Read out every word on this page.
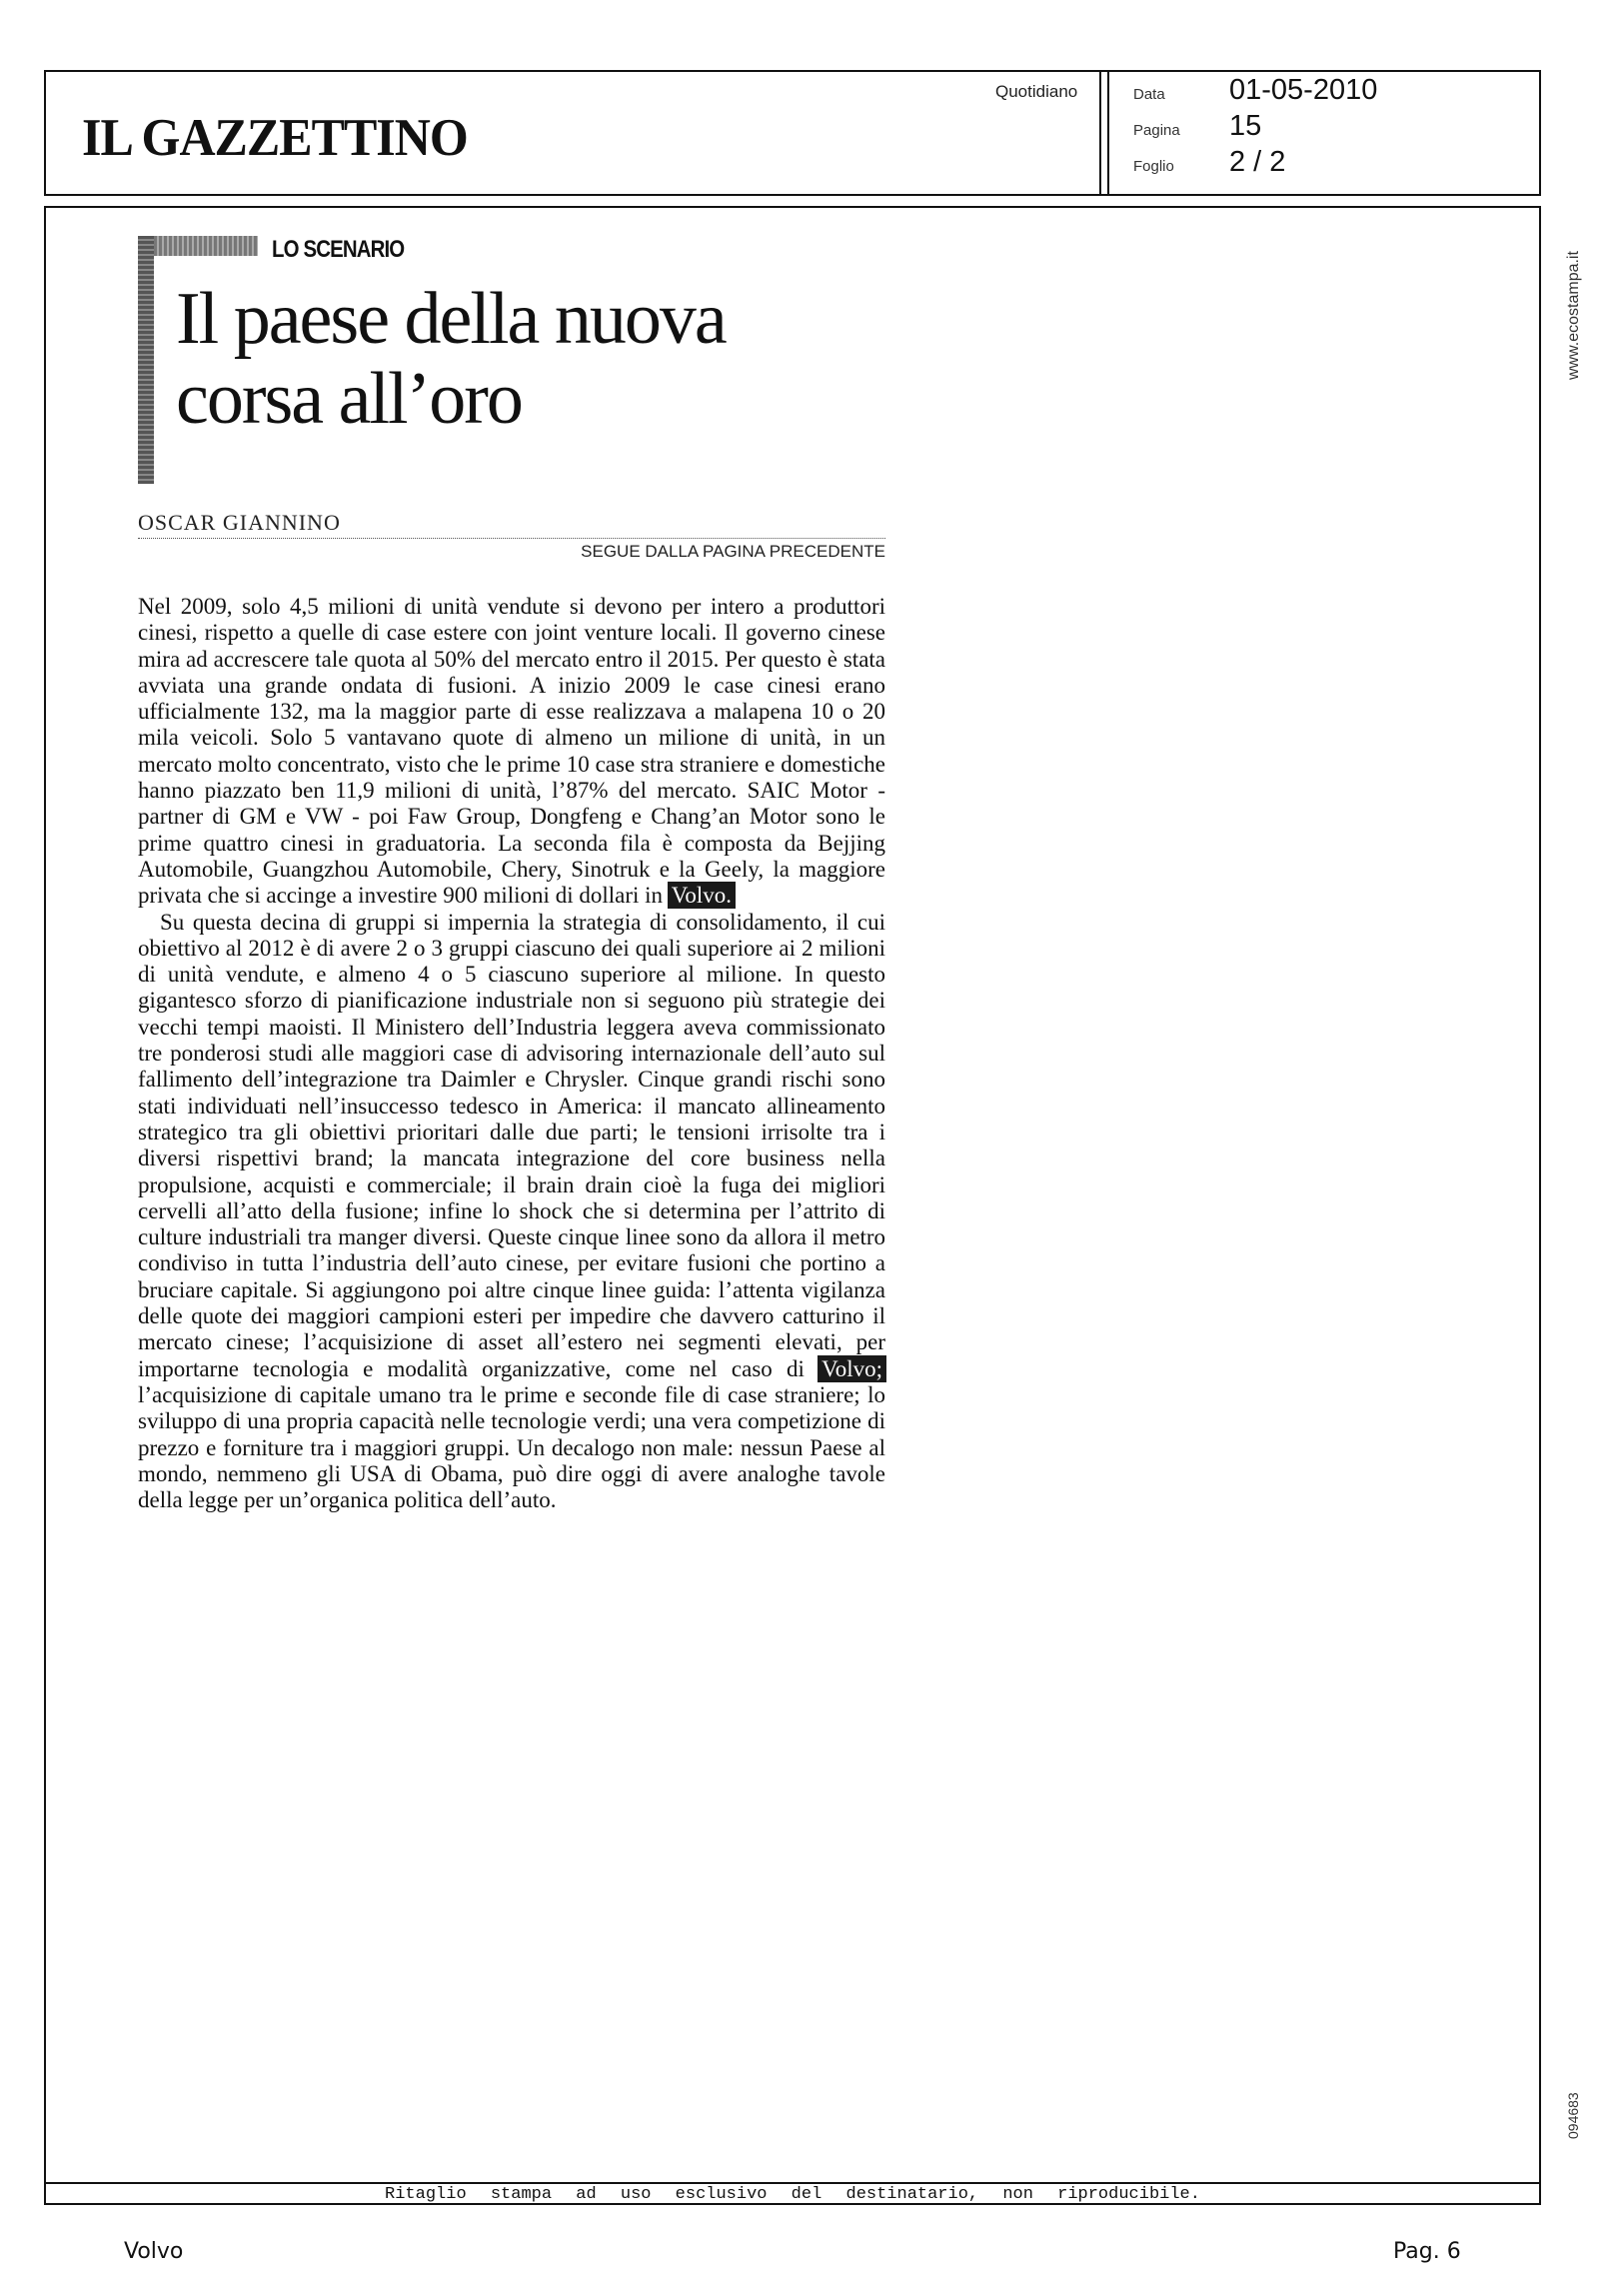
IL GAZZETTINO
Quotidiano	Data 01-05-2010
Pagina 15
Foglio 2 / 2
www.ecostampa.it
094683
Ritaglio stampa ad uso esclusivo del destinatario, non riproducibile.
LO SCENARIO
Il paese della nuova corsa all’oro
OSCAR GIANNINO
SEGUE DALLA PAGINA PRECEDENTE

Nel 2009, solo 4,5 milioni di unità vendute si devono per intero a produttori cinesi, rispetto a quelle di case estere con joint venture locali. Il governo cinese mira ad accrescere tale quota al 50% del mercato entro il 2015. Per questo è stata avviata una grande ondata di fusioni. A inizio 2009 le case cinesi erano ufficialmente 132, ma la maggior parte di esse realizzava a malapena 10 o 20 mila veicoli. Solo 5 vantavano quote di almeno un milione di unità, in un mercato molto concentrato, visto che le prime 10 case stra straniere e domestiche hanno piazzato ben 11,9 milioni di unità, l’87% del mercato. SAIC Motor - partner di GM e VW - poi Faw Group, Dongfeng e Chang’an Motor sono le prime quattro cinesi in graduatoria. La seconda fila è composta da Bejjing Automobile, Guangzhou Automobile, Chery, Sinotruk e la Geely, la maggiore privata che si accinge a investire 900 milioni di dollari in Volvo.

Su questa decina di gruppi si impernia la strategia di consolidamento, il cui obiettivo al 2012 è di avere 2 o 3 gruppi ciascuno dei quali superiore ai 2 milioni di unità vendute, e almeno 4 o 5 ciascuno superiore al milione. In questo gigantesco sforzo di pianificazione industriale non si seguono più strategie dei vecchi tempi maoisti. Il Ministero dell’Industria leggera aveva commissionato tre ponderosi studi alle maggiori case di advisoring internazionale dell’auto sul fallimento dell’integrazione tra Daimler e Chrysler. Cinque grandi rischi sono stati individuati nell’insuccesso tedesco in America: il mancato allineamento strategico tra gli obiettivi prioritari dalle due parti; le tensioni irrisolte tra i diversi rispettivi brand; la mancata integrazione del core business nella propulsione, acquisti e commerciale; il brain drain cioè la fuga dei migliori cervelli all’atto della fusione; infine lo shock che si determina per l’attrito di culture industriali tra manger diversi. Queste cinque linee sono da allora il metro condiviso in tutta l’industria dell’auto cinese, per evitare fusioni che portino a bruciare capitale. Si aggiungono poi altre cinque linee guida: l’attenta vigilanza delle quote dei maggiori campioni esteri per impedire che davvero catturino il mercato cinese; l’acquisizione di asset all’estero nei segmenti elevati, per importarne tecnologia e modalità organizzative, come nel caso di Volvo; l’acquisizione di capitale umano tra le prime e seconde file di case straniere; lo sviluppo di una propria capacità nelle tecnologie verdi; una vera competizione di prezzo e forniture tra i maggiori gruppi. Un decalogo non male: nessun Paese al mondo, nemmeno gli USA di Obama, può dire oggi di avere analoghe tavole della legge per un’organica politica dell’auto.

Volvo	Pag. 6
